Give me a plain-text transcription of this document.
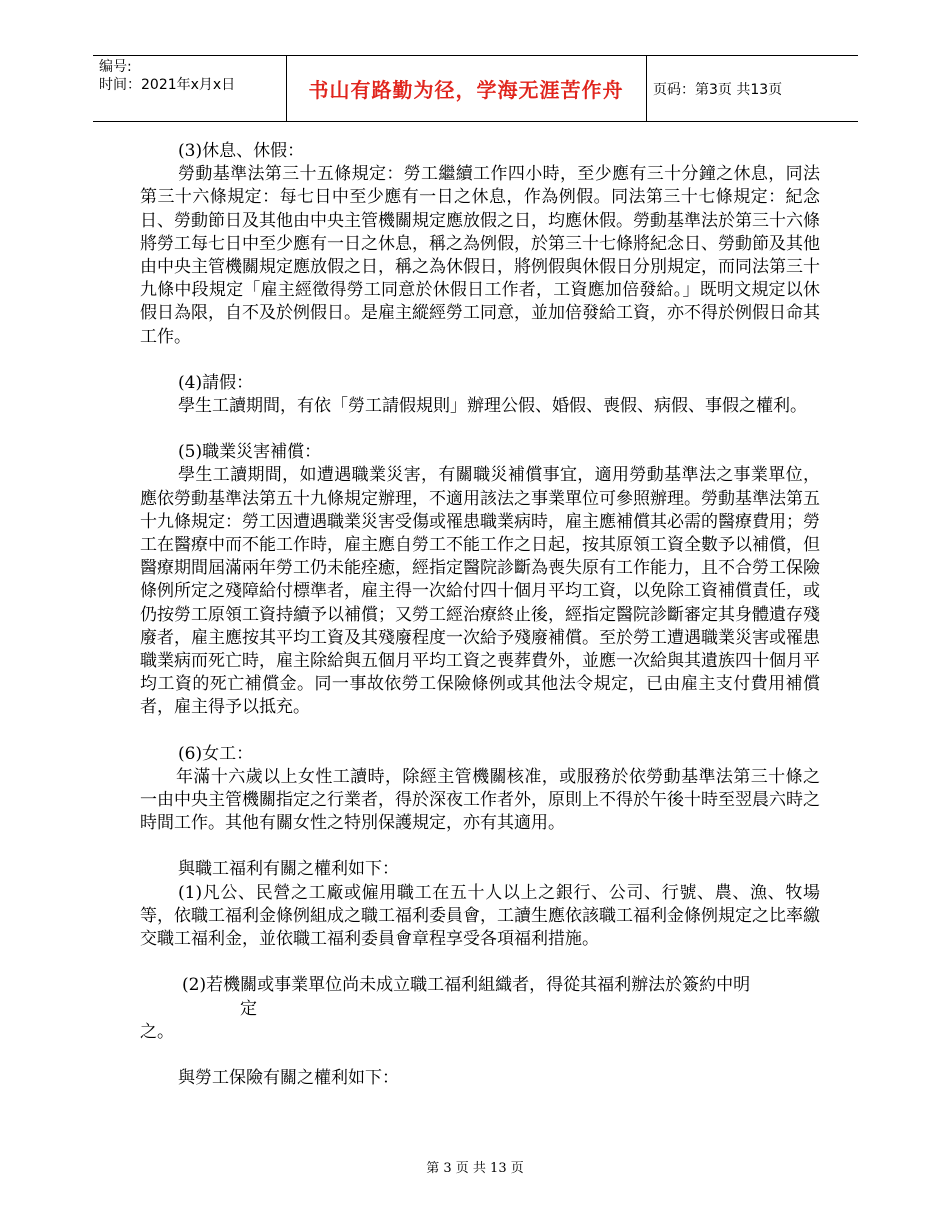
编号:
时间：2021年x月x日	书山有路勤为径，学海无涯苦作舟	页码：第3页 共13页

(3)休息、休假：

勞動基準法第三十五條規定：勞工繼續工作四小時，至少應有三十分鐘之休息，同法第三十六條規定：每七日中至少應有一日之休息，作為例假。同法第三十七條規定：紀念日、勞動節日及其他由中央主管機關規定應放假之日，均應休假。勞動基準法於第三十六條將勞工每七日中至少應有一日之休息，稱之為例假，於第三十七條將紀念日、勞動節及其他由中央主管機關規定應放假之日，稱之為休假日，將例假與休假日分別規定，而同法第三十九條中段規定「雇主經徵得勞工同意於休假日工作者，工資應加倍發給。」既明文規定以休假日為限，自不及於例假日。是雇主縱經勞工同意，並加倍發給工資，亦不得於例假日命其工作。

(4)請假：

學生工讀期間，有依「勞工請假規則」辦理公假、婚假、喪假、病假、事假之權利。

(5)職業災害補償：

學生工讀期間，如遭遇職業災害，有關職災補償事宜，適用勞動基準法之事業單位，應依勞動基準法第五十九條規定辦理，不適用該法之事業單位可參照辦理。勞動基準法第五十九條規定：勞工因遭遇職業災害受傷或罹患職業病時，雇主應補償其必需的醫療費用；勞工在醫療中而不能工作時，雇主應自勞工不能工作之日起，按其原領工資全數予以補償，但醫療期間屆滿兩年勞工仍未能痊癒，經指定醫院診斷為喪失原有工作能力，且不合勞工保險條例所定之殘障給付標準者，雇主得一次給付四十個月平均工資，以免除工資補償責任，或仍按勞工原領工資持續予以補償；又勞工經治療終止後，經指定醫院診斷審定其身體遺存殘廢者，雇主應按其平均工資及其殘廢程度一次給予殘廢補償。至於勞工遭遇職業災害或罹患職業病而死亡時，雇主除給與五個月平均工資之喪葬費外，並應一次給與其遺族四十個月平均工資的死亡補償金。同一事故依勞工保險條例或其他法令規定，已由雇主支付費用補償者，雇主得予以抵充。

(6)女工：

年滿十六歲以上女性工讀時，除經主管機關核准，或服務於依勞動基準法第三十條之一由中央主管機關指定之行業者，得於深夜工作者外，原則上不得於午後十時至翌晨六時之時間工作。其他有關女性之特別保護規定，亦有其適用。

與職工福利有關之權利如下：

(1)凡公、民營之工廠或僱用職工在五十人以上之銀行、公司、行號、農、漁、牧場等，依職工福利金條例組成之職工福利委員會，工讀生應依該職工福利金條例規定之比率繳交職工福利金，並依職工福利委員會章程享受各項福利措施。

(2)若機關或事業單位尚未成立職工福利組織者，得從其福利辦法於簽約中明

定

之。

與勞工保險有關之權利如下：

第 3 页 共 13 页
